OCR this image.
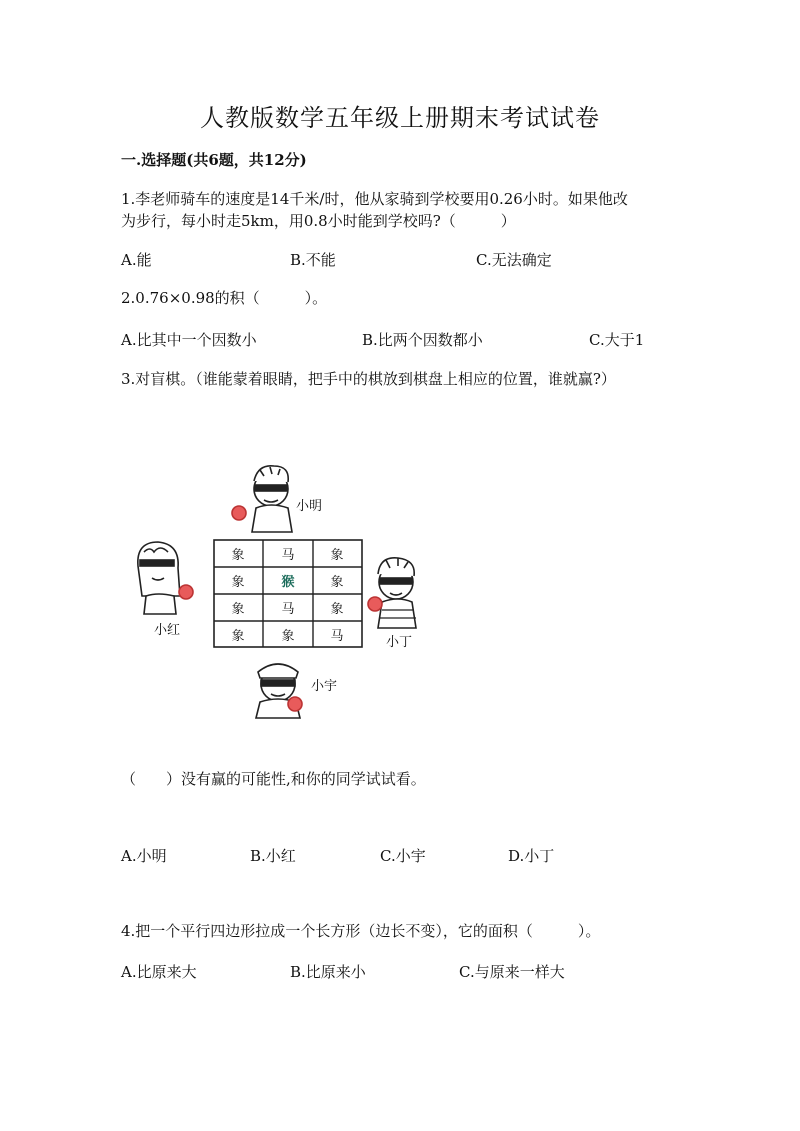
人教版数学五年级上册期末考试试卷
一.选择题(共6题，共12分)
1.李老师骑车的速度是14千米/时，他从家骑到学校要用0.26小时。如果他改
为步行，每小时走5km，用0.8小时能到学校吗?（　　　）
A.能	B.不能	C.无法确定
2.0.76×0.98的积（　　　）。
A.比其中一个因数小	B.比两个因数都小	C.大于1
3.对盲棋。（谁能蒙着眼睛，把手中的棋放到棋盘上相应的位置，谁就赢?）
象	马	象
象	猴	象
象	马	象
象	象	马
小明
小红
小丁
小宇
（　　）没有赢的可能性,和你的同学试试看。
A.小明	B.小红	C.小宇	D.小丁
4.把一个平行四边形拉成一个长方形（边长不变），它的面积（　　　）。
A.比原来大	B.比原来小	C.与原来一样大
